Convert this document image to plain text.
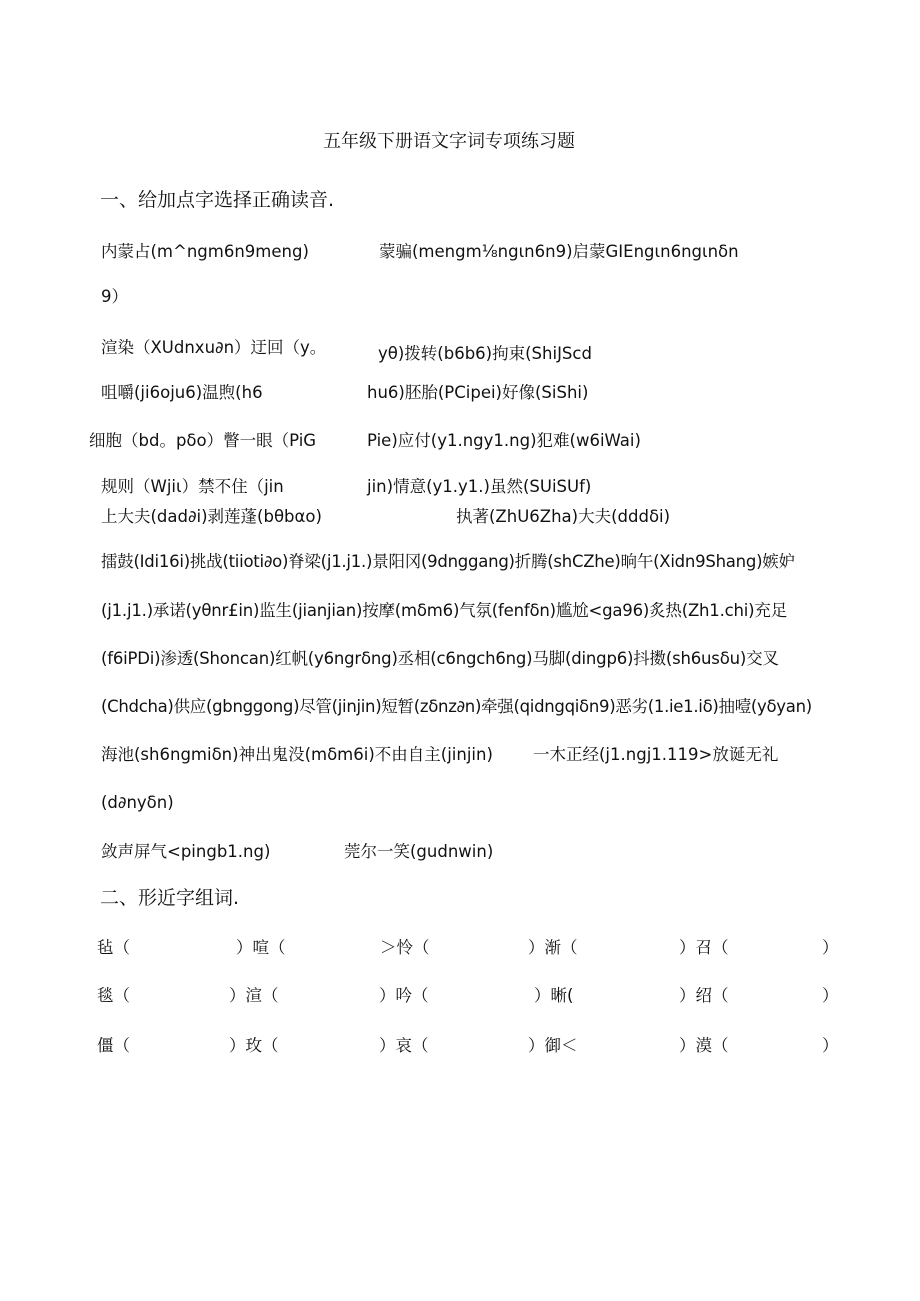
五年级下册语文字词专项练习题
一、给加点字选择正确读音.
内蒙占(m^ngm6n9meng)	蒙骗(mengm⅛ngιn6n9)启蒙GIEngιn6ngιnδn
9）
渲染（XUdnxu∂n）迂回（y。	yθ)拨转(b6b6)拘束(ShiJScd
咀嚼(ji6oju6)温煦(h6	hu6)胚胎(PCipei)好像(SiShi)
细胞（bd。pδo）瞥一眼（PiG	Pie)应付(y1.ngy1.ng)犯难(w6iWai)
规则（Wjiι）禁不住（jin	jin)情意(y1.y1.)虽然(SUiSUf)
上大夫(dad∂i)剥莲蓬(bθbαo)	执著(ZhU6Zha)大夫(dddδi)
擂鼓(Idi16i)挑战(tiioti∂o)脊梁(j1.j1.)景阳冈(9dnggang)折腾(shCZhe)晌午(Xidn9Shang)嫉妒
(j1.j1.)承诺(yθnr£in)监生(jianjian)按摩(mδm6)气氛(fenfδn)尴尬<ga96)炙热(Zh1.chi)充足
(f6iPDi)渗透(Shoncan)红帆(y6ngrδng)丞相(c6ngch6ng)马脚(dingp6)抖擞(sh6usδu)交叉
(Chdcha)供应(gbnggong)尽管(jinjin)短暂(zδnz∂n)牵强(qidngqiδn9)恶劣(1.ie1.iδ)抽噎(yδyan)
海池(sh6ngmiδn)神出鬼没(mδm6i)不由自主(jinjin) 一木正经(j1.ngj1.119>放诞无礼
(d∂nyδn)
敛声屏气<pingb1.ng)	莞尔一笑(gudnwin)
二、形近字组词.
毡（	）喧（	＞怜（	）渐（	）召（	）
毯（	）渲（	）吟（	）晰(	）绍（	）
僵（	）玫（	）哀（	）御＜	）漠（	）
